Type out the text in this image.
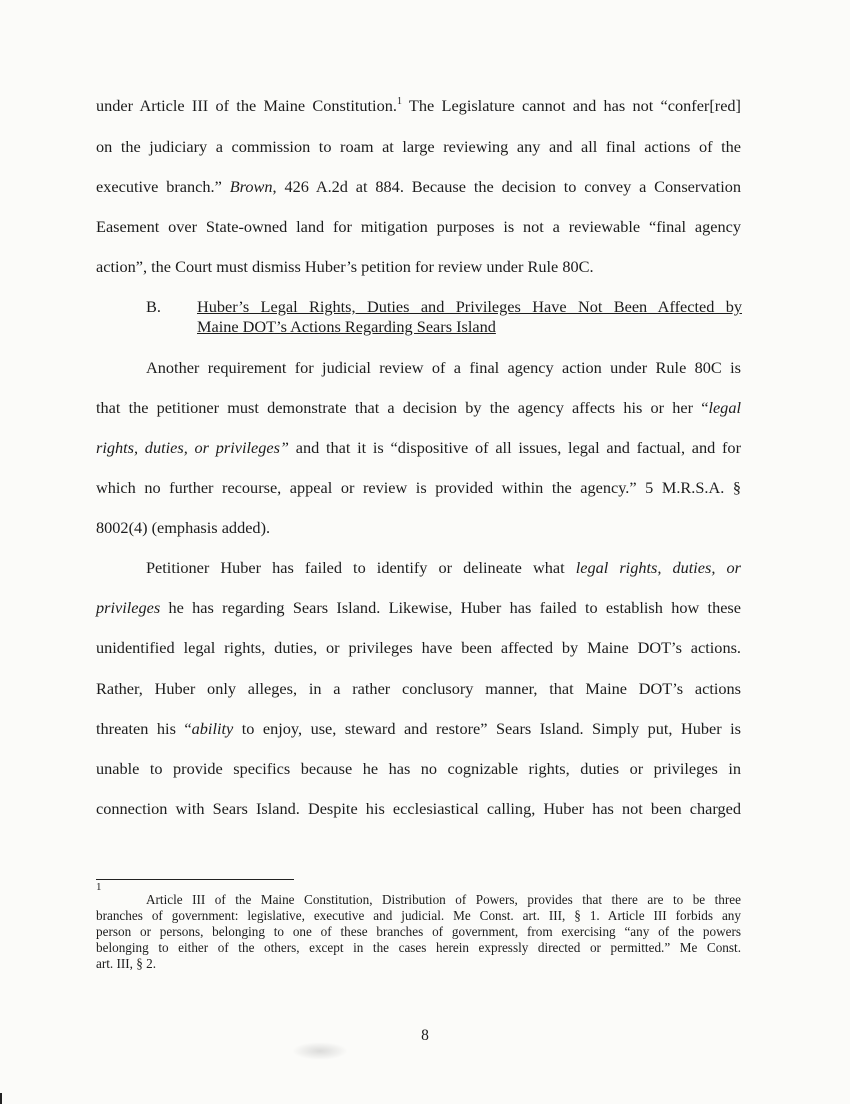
under Article III of the Maine Constitution.$^1$ The Legislature cannot and has not “confer[red]
on the judiciary a commission to roam at large reviewing any and all final actions of the
executive branch.” Brown, 426 A.2d at 884. Because the decision to convey a Conservation
Easement over State-owned land for mitigation purposes is not a reviewable “final agency
action”, the Court must dismiss Huber’s petition for review under Rule 80C.
B. Huber’s Legal Rights, Duties and Privileges Have Not Been Affected by
Maine DOT’s Actions Regarding Sears Island
Another requirement for judicial review of a final agency action under Rule 80C is
that the petitioner must demonstrate that a decision by the agency affects his or her “legal
rights, duties, or privileges” and that it is “dispositive of all issues, legal and factual, and for
which no further recourse, appeal or review is provided within the agency.” 5 M.R.S.A. §
8002(4) (emphasis added).
Petitioner Huber has failed to identify or delineate what legal rights, duties, or
privileges he has regarding Sears Island. Likewise, Huber has failed to establish how these
unidentified legal rights, duties, or privileges have been affected by Maine DOT’s actions.
Rather, Huber only alleges, in a rather conclusory manner, that Maine DOT’s actions
threaten his “ability to enjoy, use, steward and restore” Sears Island. Simply put, Huber is
unable to provide specifics because he has no cognizable rights, duties or privileges in
connection with Sears Island. Despite his ecclesiastical calling, Huber has not been charged
1
Article III of the Maine Constitution, Distribution of Powers, provides that there are to be three
branches of government: legislative, executive and judicial. Me Const. art. III, § 1. Article III forbids any
person or persons, belonging to one of these branches of government, from exercising “any of the powers
belonging to either of the others, except in the cases herein expressly directed or permitted.” Me Const.
art. III, § 2.
8
